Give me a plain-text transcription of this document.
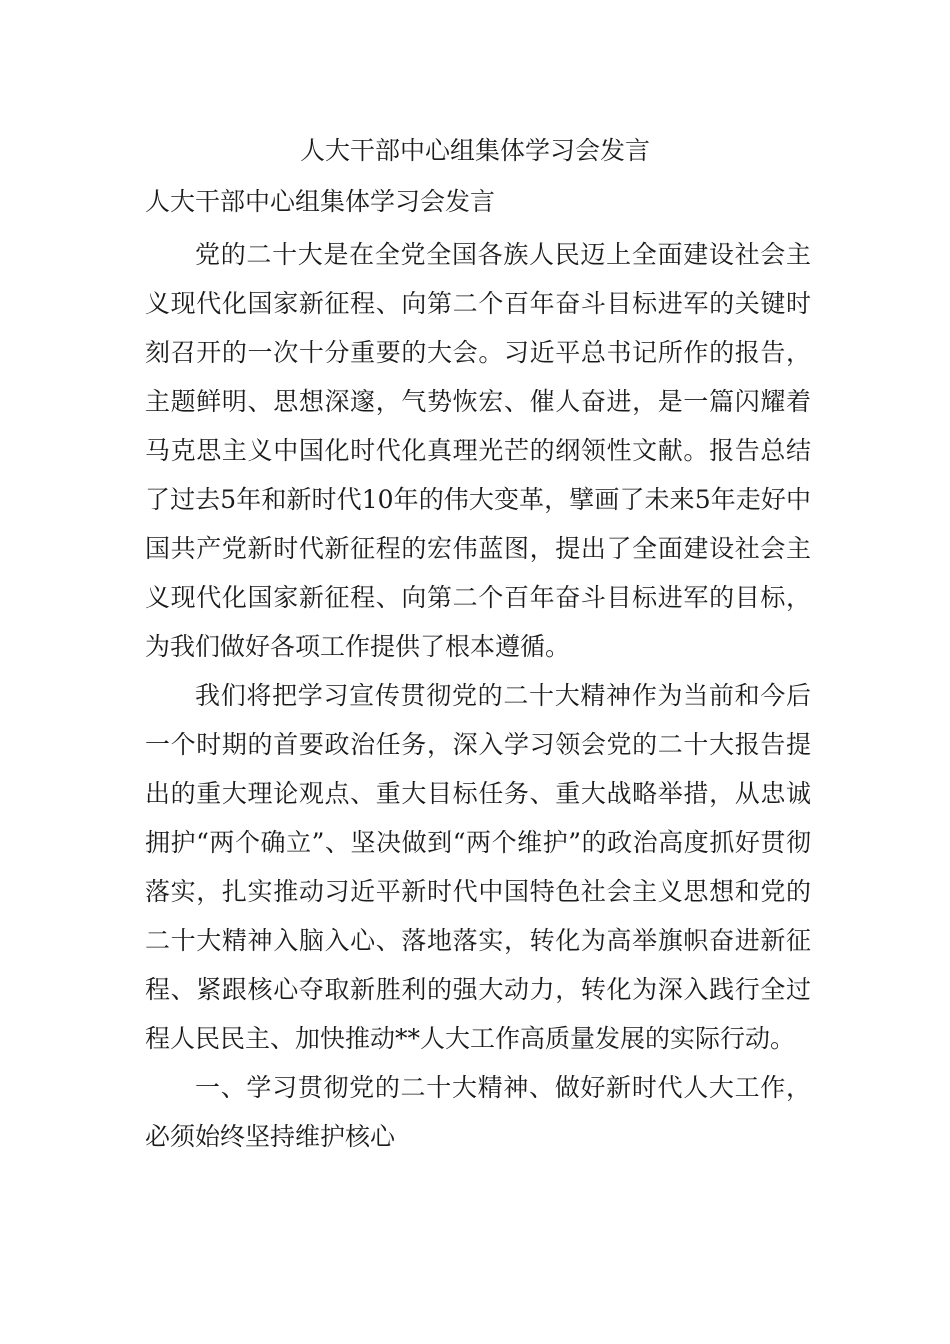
人大干部中心组集体学习会发言

人大干部中心组集体学习会发言

党的二十大是在全党全国各族人民迈上全面建设社会主义现代化国家新征程、向第二个百年奋斗目标进军的关键时刻召开的一次十分重要的大会。习近平总书记所作的报告，主题鲜明、思想深邃，气势恢宏、催人奋进，是一篇闪耀着马克思主义中国化时代化真理光芒的纲领性文献。报告总结了过去5年和新时代10年的伟大变革，擘画了未来5年走好中国共产党新时代新征程的宏伟蓝图，提出了全面建设社会主义现代化国家新征程、向第二个百年奋斗目标进军的目标，为我们做好各项工作提供了根本遵循。

我们将把学习宣传贯彻党的二十大精神作为当前和今后一个时期的首要政治任务，深入学习领会党的二十大报告提出的重大理论观点、重大目标任务、重大战略举措，从忠诚拥护“两个确立”、坚决做到“两个维护”的政治高度抓好贯彻落实，扎实推动习近平新时代中国特色社会主义思想和党的二十大精神入脑入心、落地落实，转化为高举旗帜奋进新征程、紧跟核心夺取新胜利的强大动力，转化为深入践行全过程人民民主、加快推动**人大工作高质量发展的实际行动。

一、学习贯彻党的二十大精神、做好新时代人大工作，必须始终坚持维护核心
